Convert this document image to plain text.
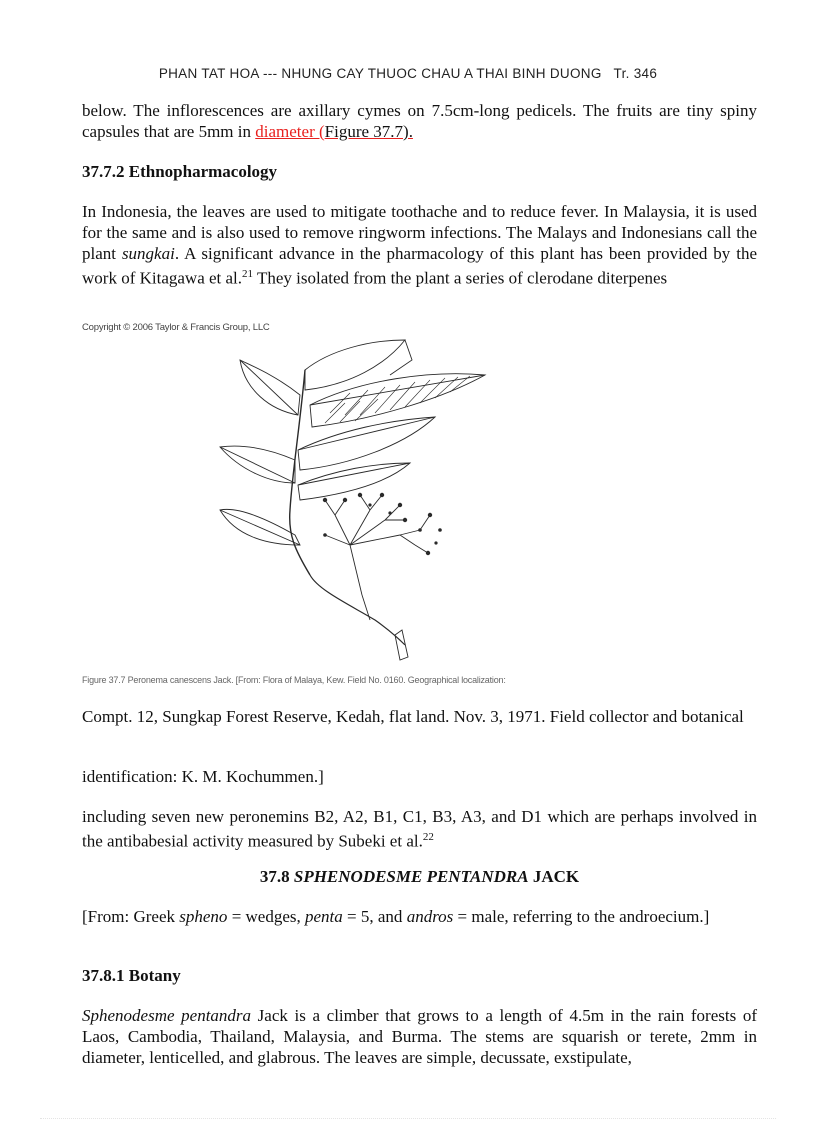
PHAN TAT HOA --- NHUNG CAY THUOC CHAU A THAI BINH DUONG Tr. 346
below. The inflorescences are axillary cymes on 7.5cm-long pedicels. The fruits are tiny spiny capsules that are 5mm in diameter (Figure 37.7).
37.7.2 Ethnopharmacology
In Indonesia, the leaves are used to mitigate toothache and to reduce fever. In Malaysia, it is used for the same and is also used to remove ringworm infections. The Malays and Indonesians call the plant sungkai. A significant advance in the pharmacology of this plant has been provided by the work of Kitagawa et al.$^{21}$ They isolated from the plant a series of clerodane diterpenes
Copyright © 2006 Taylor & Francis Group, LLC
Figure 37.7 Peronema canescens Jack. [From: Flora of Malaya, Kew. Field No. 0160. Geographical localization:
Compt. 12, Sungkap Forest Reserve, Kedah, flat land. Nov. 3, 1971. Field collector and botanical
identification: K. M. Kochummen.]
including seven new peronemins B2, A2, B1, C1, B3, A3, and D1 which are perhaps involved in the antibabesial activity measured by Subeki et al.$^{22}$
37.8 SPHENODESME PENTANDRA JACK
[From: Greek spheno = wedges, penta = 5, and andros = male, referring to the androecium.]
37.8.1 Botany
Sphenodesme pentandra Jack is a climber that grows to a length of 4.5m in the rain forests of Laos, Cambodia, Thailand, Malaysia, and Burma. The stems are squarish or terete, 2mm in diameter, lenticelled, and glabrous. The leaves are simple, decussate, exstipulate,
